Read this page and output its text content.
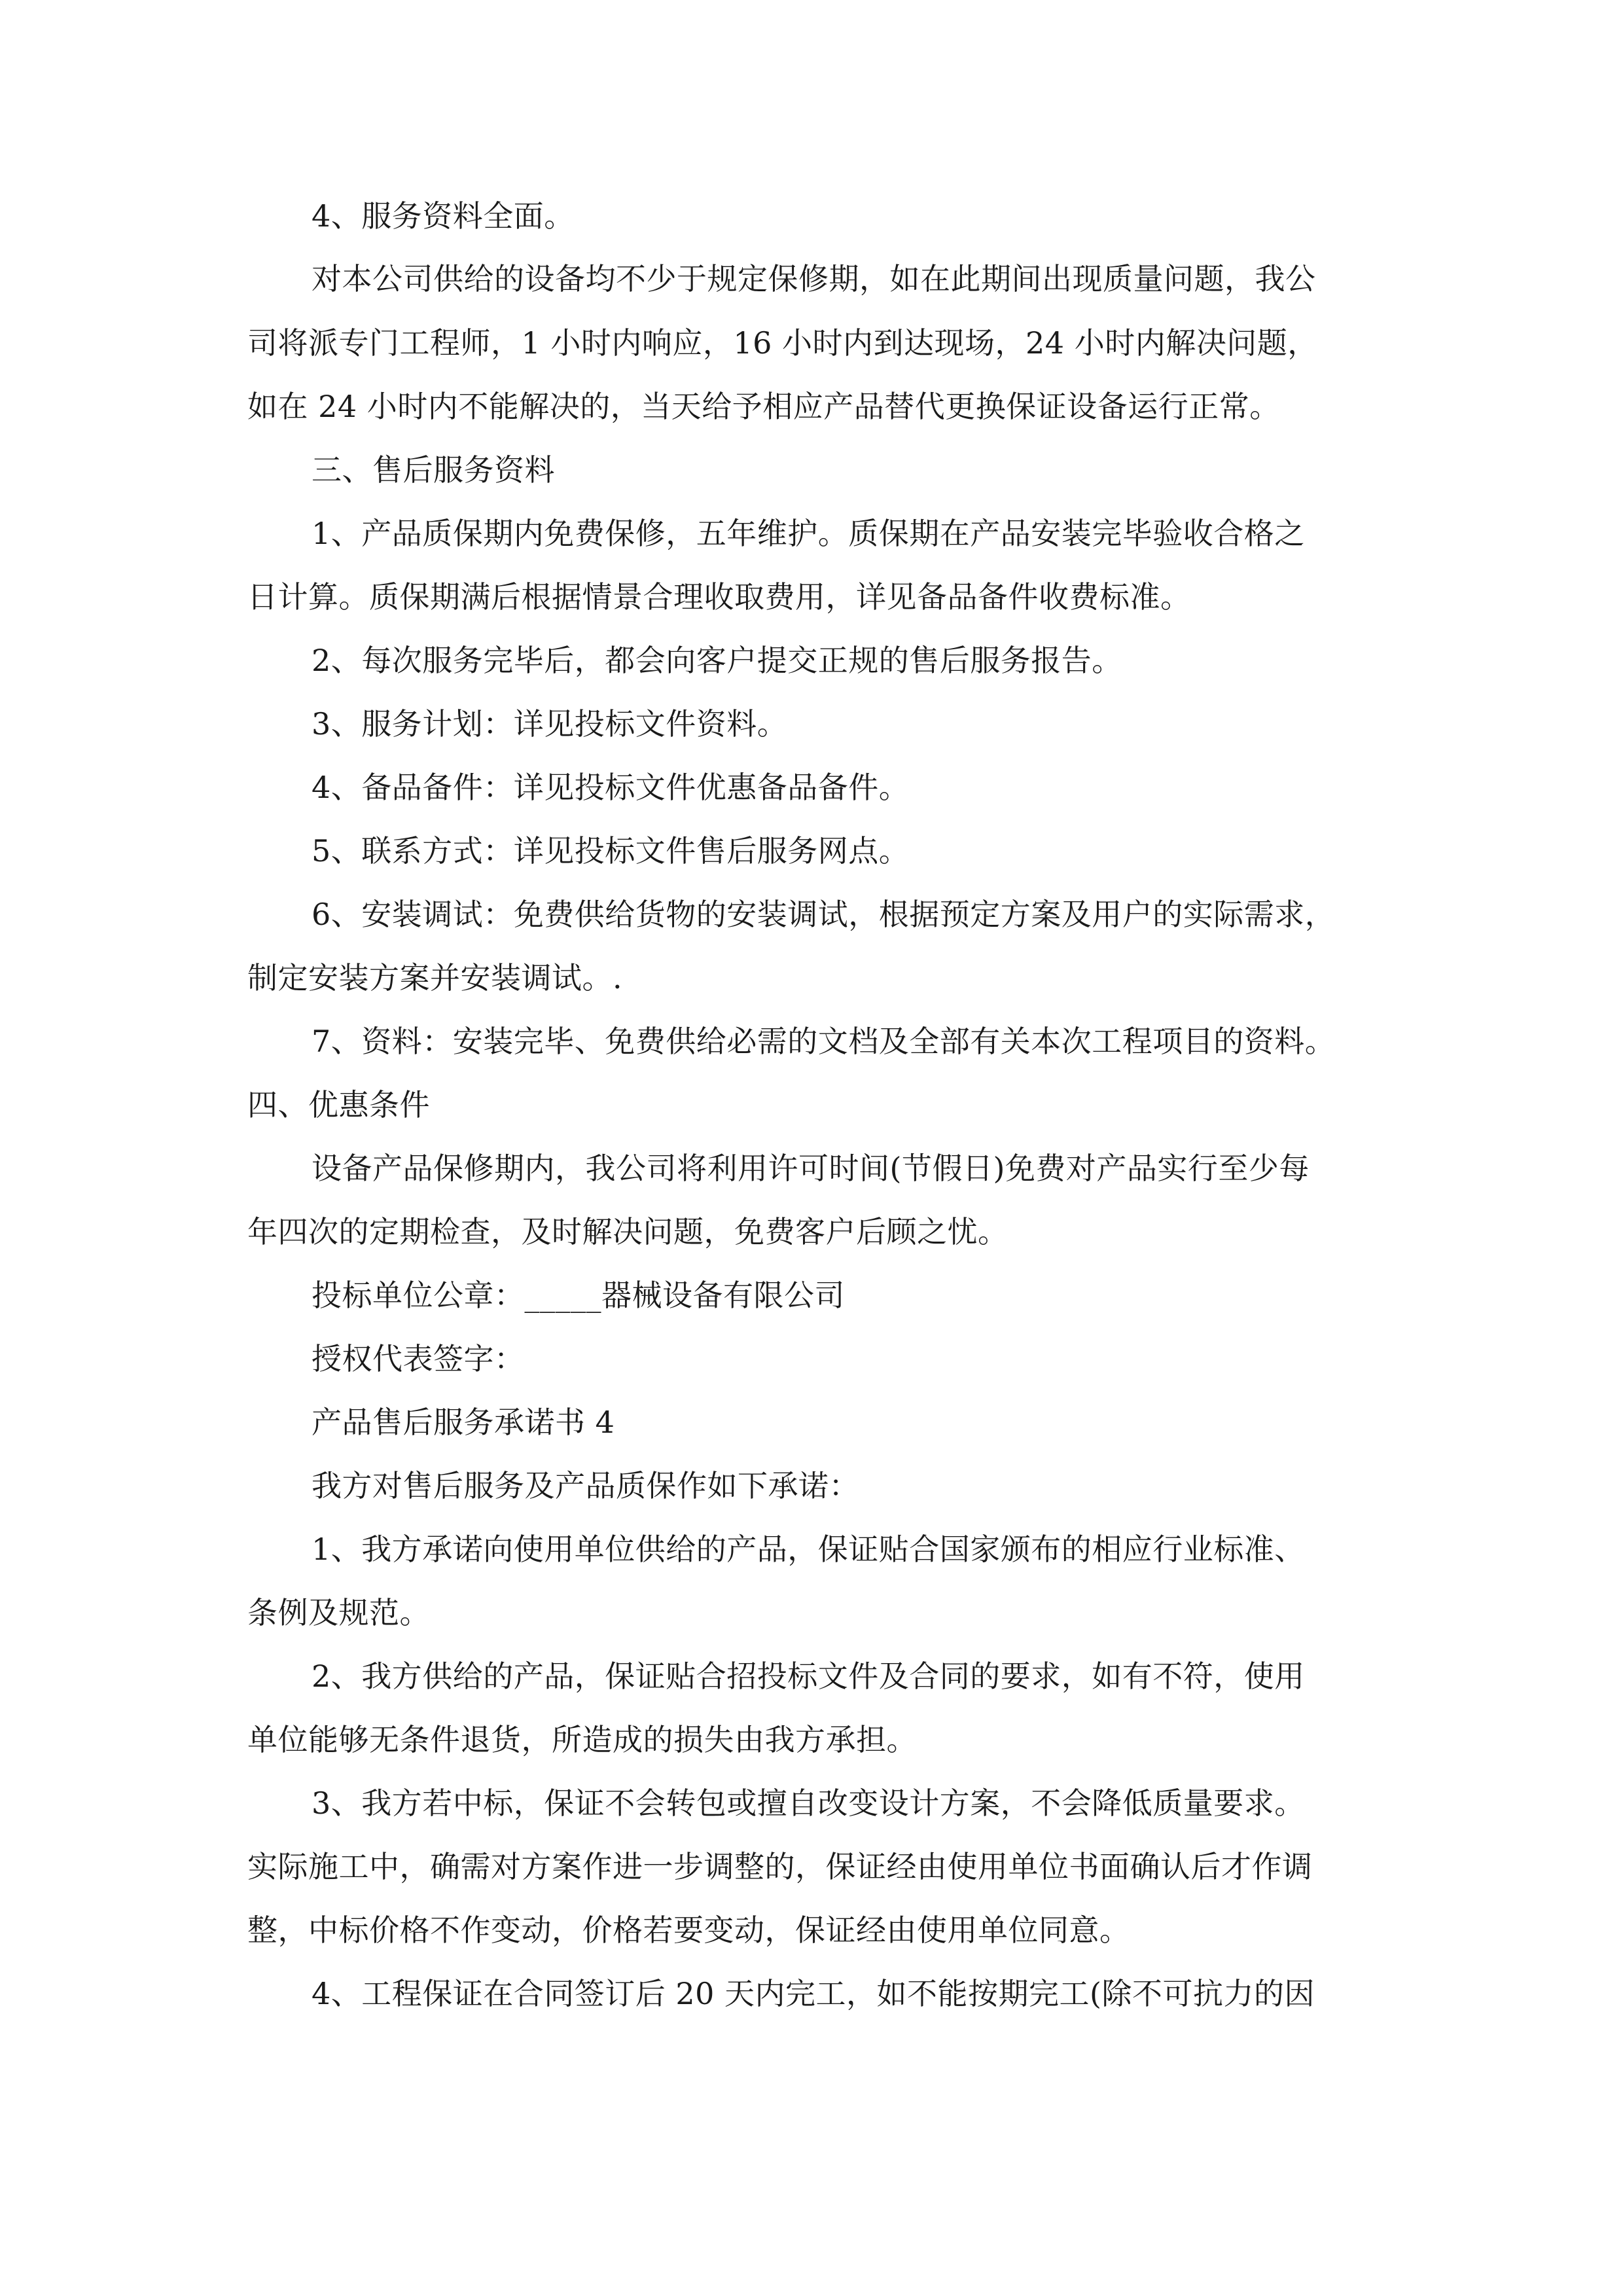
4、服务资料全面。
对本公司供给的设备均不少于规定保修期，如在此期间出现质量问题，我公
司将派专门工程师，1 小时内响应，16 小时内到达现场，24 小时内解决问题，
如在 24 小时内不能解决的，当天给予相应产品替代更换保证设备运行正常。
三、售后服务资料
1、产品质保期内免费保修，五年维护。质保期在产品安装完毕验收合格之
日计算。质保期满后根据情景合理收取费用，详见备品备件收费标准。
2、每次服务完毕后，都会向客户提交正规的售后服务报告。
3、服务计划：详见投标文件资料。
4、备品备件：详见投标文件优惠备品备件。
5、联系方式：详见投标文件售后服务网点。
6、安装调试：免费供给货物的安装调试，根据预定方案及用户的实际需求，
制定安装方案并安装调试。.
7、资料：安装完毕、免费供给必需的文档及全部有关本次工程项目的资料。
四、优惠条件
设备产品保修期内，我公司将利用许可时间(节假日)免费对产品实行至少每
年四次的定期检查，及时解决问题，免费客户后顾之忧。
投标单位公章：_____器械设备有限公司
授权代表签字：
产品售后服务承诺书 4
我方对售后服务及产品质保作如下承诺：
1、我方承诺向使用单位供给的产品，保证贴合国家颁布的相应行业标准、
条例及规范。
2、我方供给的产品，保证贴合招投标文件及合同的要求，如有不符，使用
单位能够无条件退货，所造成的损失由我方承担。
3、我方若中标，保证不会转包或擅自改变设计方案，不会降低质量要求。
实际施工中，确需对方案作进一步调整的，保证经由使用单位书面确认后才作调
整，中标价格不作变动，价格若要变动，保证经由使用单位同意。
4、工程保证在合同签订后 20 天内完工，如不能按期完工(除不可抗力的因
